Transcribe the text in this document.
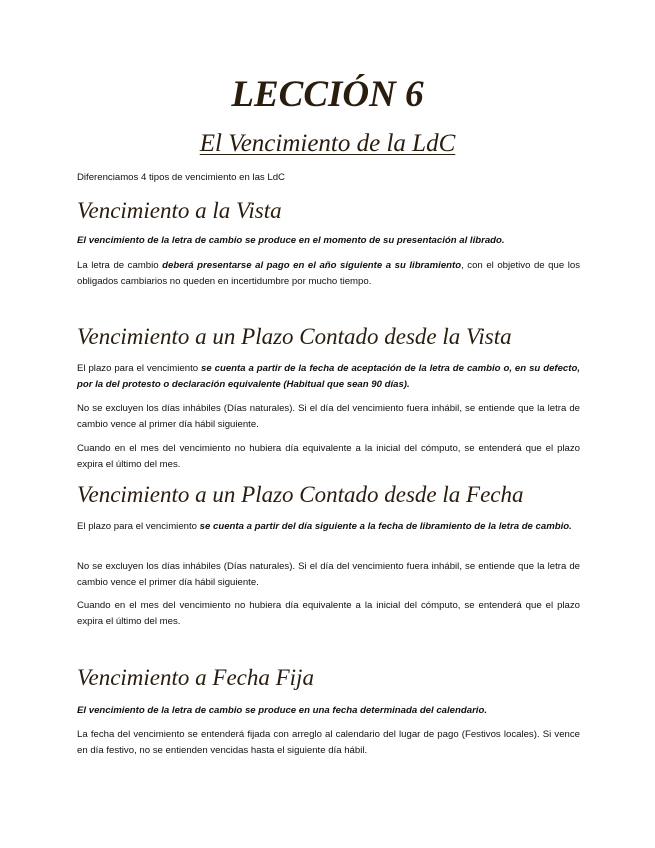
LECCIÓN 6
El Vencimiento de la LdC
Diferenciamos 4 tipos de vencimiento en las LdC
Vencimiento a la Vista
El vencimiento de la letra de cambio se produce en el momento de su presentación al librado.
La letra de cambio deberá presentarse al pago en el año siguiente a su libramiento, con el objetivo de que los obligados cambiarios no queden en incertidumbre por mucho tiempo.
Vencimiento a un Plazo Contado desde la Vista
El plazo para el vencimiento se cuenta a partir de la fecha de aceptación de la letra de cambio o, en su defecto, por la del protesto o declaración equivalente (Habitual que sean 90 días).
No se excluyen los días inhábiles (Días naturales). Si el día del vencimiento fuera inhábil, se entiende que la letra de cambio vence al primer día hábil siguiente.
Cuando en el mes del vencimiento no hubiera día equivalente a la inicial del cómputo, se entenderá que el plazo expira el último del mes.
Vencimiento a un Plazo Contado desde la Fecha
El plazo para el vencimiento se cuenta a partir del día siguiente a la fecha de libramiento de la letra de cambio.
No se excluyen los días inhábiles (Días naturales). Si el día del vencimiento fuera inhábil, se entiende que la letra de cambio vence el primer día hábil siguiente.
Cuando en el mes del vencimiento no hubiera día equivalente a la inicial del cómputo, se entenderá que el plazo expira el último del mes.
Vencimiento a Fecha Fija
El vencimiento de la letra de cambio se produce en una fecha determinada del calendario.
La fecha del vencimiento se entenderá fijada con arreglo al calendario del lugar de pago (Festivos locales). Si vence en día festivo, no se entienden vencidas hasta el siguiente día hábil.
